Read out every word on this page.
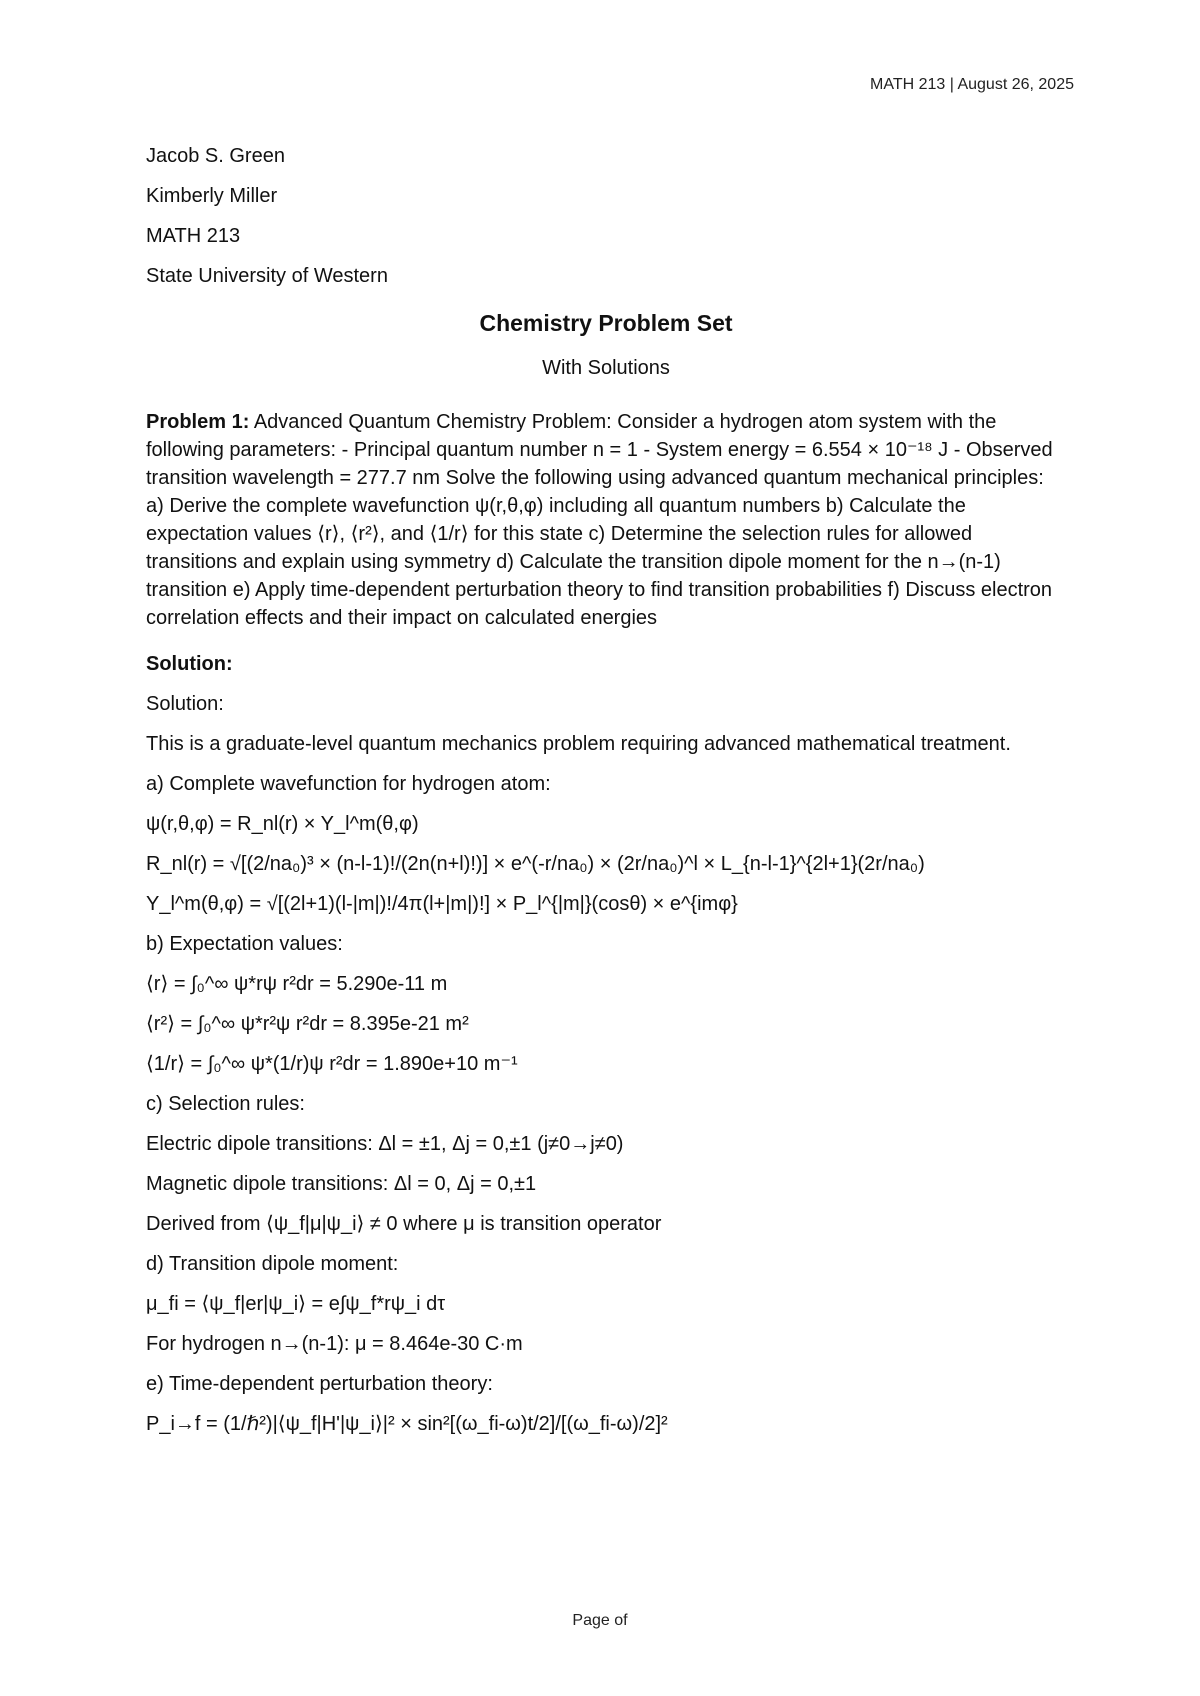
MATH 213 | August 26, 2025

Jacob S. Green

Kimberly Miller

MATH 213

State University of Western

Chemistry Problem Set

With Solutions

Problem 1: Advanced Quantum Chemistry Problem: Consider a hydrogen atom system with the following parameters: - Principal quantum number n = 1 - System energy = 6.554 × 10⁻¹⁸ J - Observed transition wavelength = 277.7 nm Solve the following using advanced quantum mechanical principles: a) Derive the complete wavefunction ψ(r,θ,φ) including all quantum numbers b) Calculate the expectation values ⟨r⟩, ⟨r²⟩, and ⟨1/r⟩ for this state c) Determine the selection rules for allowed transitions and explain using symmetry d) Calculate the transition dipole moment for the n→(n-1) transition e) Apply time-dependent perturbation theory to find transition probabilities f) Discuss electron correlation effects and their impact on calculated energies

Solution:

Solution:

This is a graduate-level quantum mechanics problem requiring advanced mathematical treatment.

a) Complete wavefunction for hydrogen atom:

ψ(r,θ,φ) = R_nl(r) × Y_l^m(θ,φ)

R_nl(r) = √[(2/na₀)³ × (n-l-1)!/(2n(n+l)!)] × e^(-r/na₀) × (2r/na₀)^l × L_{n-l-1}^{2l+1}(2r/na₀)

Y_l^m(θ,φ) = √[(2l+1)(l-|m|)!/4π(l+|m|)!] × P_l^{|m|}(cosθ) × e^{imφ}

b) Expectation values:

⟨r⟩ = ∫₀^∞ ψ*rψ r²dr = 5.290e-11 m

⟨r²⟩ = ∫₀^∞ ψ*r²ψ r²dr = 8.395e-21 m²

⟨1/r⟩ = ∫₀^∞ ψ*(1/r)ψ r²dr = 1.890e+10 m⁻¹

c) Selection rules:

Electric dipole transitions: Δl = ±1, Δj = 0,±1 (j≠0→j≠0)

Magnetic dipole transitions: Δl = 0, Δj = 0,±1

Derived from ⟨ψ_f|μ|ψ_i⟩ ≠ 0 where μ is transition operator

d) Transition dipole moment:

μ_fi = ⟨ψ_f|er|ψ_i⟩ = e∫ψ_f*rψ_i dτ

For hydrogen n→(n-1): μ = 8.464e-30 C·m

e) Time-dependent perturbation theory:

P_i→f = (1/ℏ²)|⟨ψ_f|H'|ψ_i⟩|² × sin²[(ω_fi-ω)t/2]/[(ω_fi-ω)/2]²

Page of
